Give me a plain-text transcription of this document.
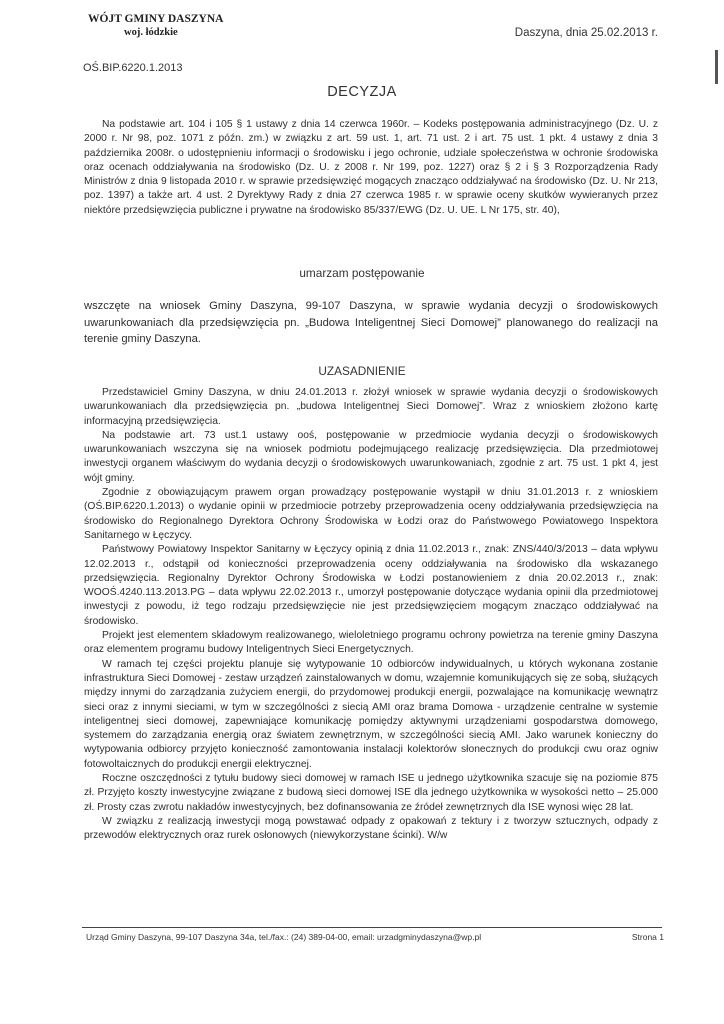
WÓJT GMINY DASZYNA
woj. łódzkie	Daszyna, dnia 25.02.2013 r.
OŚ.BIP.6220.1.2013
DECYZJA

Na podstawie art. 104 i 105 § 1 ustawy z dnia 14 czerwca 1960r. – Kodeks postępowania administracyjnego (Dz. U. z 2000 r. Nr 98, poz. 1071 z późn. zm.) w związku z art. 59 ust. 1, art. 71 ust. 2 i art. 75 ust. 1 pkt. 4 ustawy z dnia 3 października 2008r. o udostępnieniu informacji o środowisku i jego ochronie, udziale społeczeństwa w ochronie środowiska oraz ocenach oddziaływania na środowisko (Dz. U. z 2008 r. Nr 199, poz. 1227) oraz § 2 i § 3 Rozporządzenia Rady Ministrów z dnia 9 listopada 2010 r. w sprawie przedsięwzięć mogących znacząco oddziaływać na środowisko (Dz. U. Nr 213, poz. 1397) a także art. 4 ust. 2 Dyrektywy Rady z dnia 27 czerwca 1985 r. w sprawie oceny skutków wywieranych przez niektóre przedsięwzięcia publiczne i prywatne na środowisko 85/337/EWG (Dz. U. UE. L Nr 175, str. 40),

umarzam postępowanie

wszczęte na wniosek Gminy Daszyna, 99-107 Daszyna, w sprawie wydania decyzji o środowiskowych uwarunkowaniach dla przedsięwzięcia pn. „Budowa Inteligentnej Sieci Domowej” planowanego do realizacji na terenie gminy Daszyna.

UZASADNIENIE

Przedstawiciel Gminy Daszyna, w dniu 24.01.2013 r. złożył wniosek w sprawie wydania decyzji o środowiskowych uwarunkowaniach dla przedsięwzięcia pn. „budowa Inteligentnej Sieci Domowej”. Wraz z wnioskiem złożono kartę informacyjną przedsięwzięcia.

Na podstawie art. 73 ust.1 ustawy ooś, postępowanie w przedmiocie wydania decyzji o środowiskowych uwarunkowaniach wszczyna się na wniosek podmiotu podejmującego realizację przedsięwzięcia. Dla przedmiotowej inwestycji organem właściwym do wydania decyzji o środowiskowych uwarunkowaniach, zgodnie z art. 75 ust. 1 pkt 4, jest wójt gminy.

Zgodnie z obowiązującym prawem organ prowadzący postępowanie wystąpił w dniu 31.01.2013 r. z wnioskiem (OŚ.BIP.6220.1.2013) o wydanie opinii w przedmiocie potrzeby przeprowadzenia oceny oddziaływania przedsięwzięcia na środowisko do Regionalnego Dyrektora Ochrony Środowiska w Łodzi oraz do Państwowego Powiatowego Inspektora Sanitarnego w Łęczycy.

Państwowy Powiatowy Inspektor Sanitarny w Łęczycy opinią z dnia 11.02.2013 r., znak: ZNS/440/3/2013 – data wpływu 12.02.2013 r., odstąpił od konieczności przeprowadzenia oceny oddziaływania na środowisko dla wskazanego przedsięwzięcia. Regionalny Dyrektor Ochrony Środowiska w Łodzi postanowieniem z dnia 20.02.2013 r., znak: WOOŚ.4240.113.2013.PG – data wpływu 22.02.2013 r., umorzył postępowanie dotyczące wydania opinii dla przedmiotowej inwestycji z powodu, iż tego rodzaju przedsięwzięcie nie jest przedsięwzięciem mogącym znacząco oddziaływać na środowisko.

Projekt jest elementem składowym realizowanego, wieloletniego programu ochrony powietrza na terenie gminy Daszyna oraz elementem programu budowy Inteligentnych Sieci Energetycznych.

W ramach tej części projektu planuje się wytypowanie 10 odbiorców indywidualnych, u których wykonana zostanie infrastruktura Sieci Domowej - zestaw urządzeń zainstalowanych w domu, wzajemnie komunikujących się ze sobą, służących między innymi do zarządzania zużyciem energii, do przydomowej produkcji energii, pozwalające na komunikację wewnątrz sieci oraz z innymi sieciami, w tym w szczególności z siecią AMI oraz brama Domowa - urządzenie centralne w systemie inteligentnej sieci domowej, zapewniające komunikację pomiędzy aktywnymi urządzeniami gospodarstwa domowego, systemem do zarządzania energią oraz światem zewnętrznym, w szczególności siecią AMI. Jako warunek konieczny do wytypowania odbiorcy przyjęto konieczność zamontowania instalacji kolektorów słonecznych do produkcji cwu oraz ogniw fotowoltaicznych do produkcji energii elektrycznej.

Roczne oszczędności z tytułu budowy sieci domowej w ramach ISE u jednego użytkownika szacuje się na poziomie 875 zł. Przyjęto koszty inwestycyjne związane z budową sieci domowej ISE dla jednego użytkownika w wysokości netto – 25.000 zł. Prosty czas zwrotu nakładów inwestycyjnych, bez dofinansowania ze źródeł zewnętrznych dla ISE wynosi więc 28 lat.

W związku z realizacją inwestycji mogą powstawać odpady z opakowań z tektury i z tworzyw sztucznych, odpady z przewodów elektrycznych oraz rurek osłonowych (niewykorzystane ścinki). W/w

Urząd Gminy Daszyna, 99-107 Daszyna 34a, tel./fax.: (24) 389-04-00, email: urzadgminydaszyna@wp.pl	Strona 1
